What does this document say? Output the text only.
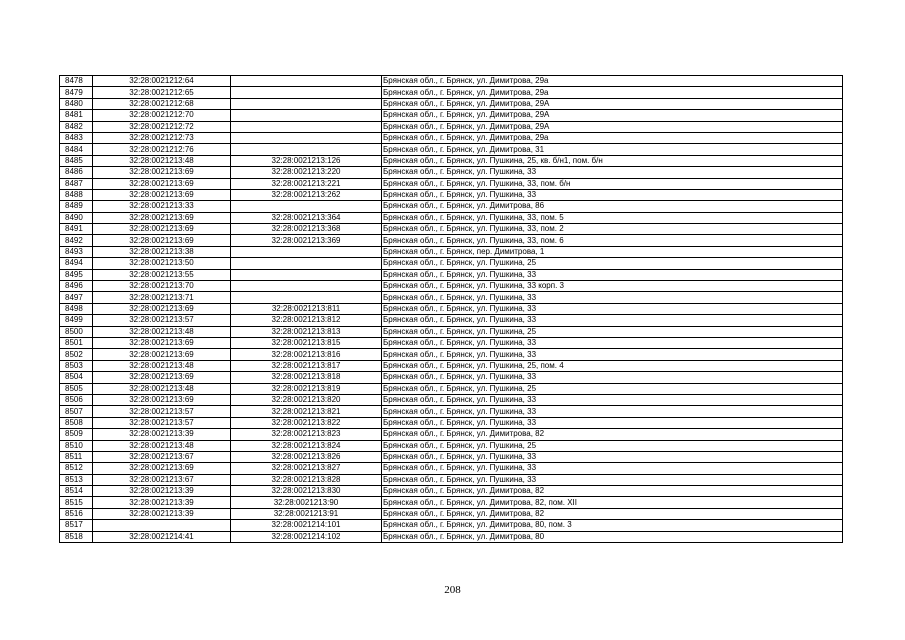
8478	32:28:0021212:64		Брянская обл., г. Брянск, ул. Димитрова, 29а
8479	32:28:0021212:65		Брянская обл., г. Брянск, ул. Димитрова, 29а
8480	32:28:0021212:68		Брянская обл., г. Брянск, ул. Димитрова, 29А
8481	32:28:0021212:70		Брянская обл., г. Брянск, ул. Димитрова, 29А
8482	32:28:0021212:72		Брянская обл., г. Брянск, ул. Димитрова, 29А
8483	32:28:0021212:73		Брянская обл., г. Брянск, ул. Димитрова, 29а
8484	32:28:0021212:76		Брянская обл., г. Брянск, ул. Димитрова, 31
8485	32:28:0021213:48	32:28:0021213:126	Брянская обл., г. Брянск, ул. Пушкина, 25, кв. б/н1, пом. б/н
8486	32:28:0021213:69	32:28:0021213:220	Брянская обл., г. Брянск, ул. Пушкина, 33
8487	32:28:0021213:69	32:28:0021213:221	Брянская обл., г. Брянск, ул. Пушкина, 33, пом. б/н
8488	32:28:0021213:69	32:28:0021213:262	Брянская обл., г. Брянск, ул. Пушкина, 33
8489	32:28:0021213:33		Брянская обл., г. Брянск, ул. Димитрова, 86
8490	32:28:0021213:69	32:28:0021213:364	Брянская обл., г. Брянск, ул. Пушкина, 33, пом. 5
8491	32:28:0021213:69	32:28:0021213:368	Брянская обл., г. Брянск, ул. Пушкина, 33, пом. 2
8492	32:28:0021213:69	32:28:0021213:369	Брянская обл., г. Брянск, ул. Пушкина, 33, пом. 6
8493	32:28:0021213:38		Брянская обл., г. Брянск, пер. Димитрова, 1
8494	32:28:0021213:50		Брянская обл., г. Брянск, ул. Пушкина, 25
8495	32:28:0021213:55		Брянская обл., г. Брянск, ул. Пушкина, 33
8496	32:28:0021213:70		Брянская обл., г. Брянск, ул. Пушкина, 33 корп. 3
8497	32:28:0021213:71		Брянская обл., г. Брянск, ул. Пушкина, 33
8498	32:28:0021213:69	32:28:0021213:811	Брянская обл., г. Брянск, ул. Пушкина, 33
8499	32:28:0021213:57	32:28:0021213:812	Брянская обл., г. Брянск, ул. Пушкина, 33
8500	32:28:0021213:48	32:28:0021213:813	Брянская обл., г. Брянск, ул. Пушкина, 25
8501	32:28:0021213:69	32:28:0021213:815	Брянская обл., г. Брянск, ул. Пушкина, 33
8502	32:28:0021213:69	32:28:0021213:816	Брянская обл., г. Брянск, ул. Пушкина, 33
8503	32:28:0021213:48	32:28:0021213:817	Брянская обл., г. Брянск, ул. Пушкина, 25, пом. 4
8504	32:28:0021213:69	32:28:0021213:818	Брянская обл., г. Брянск, ул. Пушкина, 33
8505	32:28:0021213:48	32:28:0021213:819	Брянская обл., г. Брянск, ул. Пушкина, 25
8506	32:28:0021213:69	32:28:0021213:820	Брянская обл., г. Брянск, ул. Пушкина, 33
8507	32:28:0021213:57	32:28:0021213:821	Брянская обл., г. Брянск, ул. Пушкина, 33
8508	32:28:0021213:57	32:28:0021213:822	Брянская обл., г. Брянск, ул. Пушкина, 33
8509	32:28:0021213:39	32:28:0021213:823	Брянская обл., г. Брянск, ул. Димитрова, 82
8510	32:28:0021213:48	32:28:0021213:824	Брянская обл., г. Брянск, ул. Пушкина, 25
8511	32:28:0021213:67	32:28:0021213:826	Брянская обл., г. Брянск, ул. Пушкина, 33
8512	32:28:0021213:69	32:28:0021213:827	Брянская обл., г. Брянск, ул. Пушкина, 33
8513	32:28:0021213:67	32:28:0021213:828	Брянская обл., г. Брянск, ул. Пушкина, 33
8514	32:28:0021213:39	32:28:0021213:830	Брянская обл., г. Брянск, ул. Димитрова, 82
8515	32:28:0021213:39	32:28:0021213:90	Брянская обл., г. Брянск, ул. Димитрова, 82, пом. XII
8516	32:28:0021213:39	32:28:0021213:91	Брянская обл., г. Брянск, ул. Димитрова, 82
8517		32:28:0021214:101	Брянская обл., г. Брянск, ул. Димитрова, 80, пом. 3
8518	32:28:0021214:41	32:28:0021214:102	Брянская обл., г. Брянск, ул. Димитрова, 80
208
